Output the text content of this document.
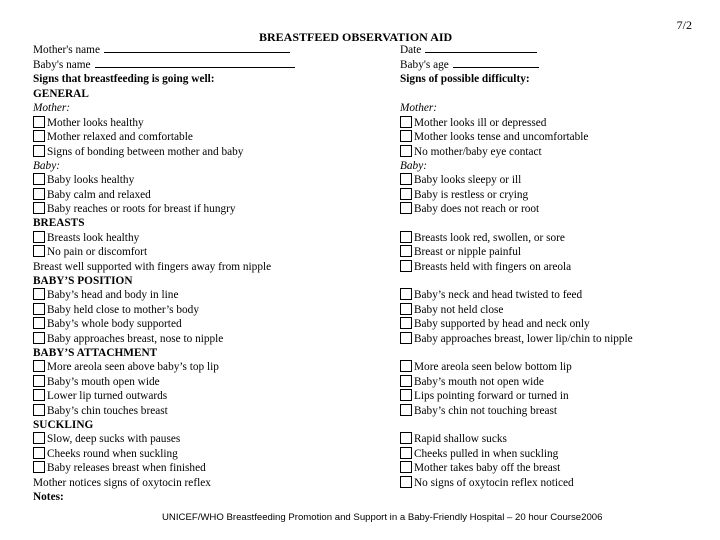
7/2
BREASTFEED OBSERVATION AID
Mother's name	Date
Baby's name	Baby's age
Signs that breastfeeding is going well:
GENERAL
Mother:
Mother looks healthy
Mother relaxed and comfortable
Signs of bonding between mother and baby
Baby:
Baby looks healthy
Baby calm and relaxed
Baby reaches or roots for breast if hungry
BREASTS
Breasts look healthy
No pain or discomfort
Breast well supported with fingers away from nipple
BABY’S POSITION
Baby’s head and body in line
Baby held close to mother’s body
Baby’s whole body supported
Baby approaches breast, nose to nipple
BABY’S ATTACHMENT
More areola seen above baby’s top lip
Baby’s mouth open wide
Lower lip turned outwards
Baby’s chin touches breast
SUCKLING
Slow, deep sucks with pauses
Cheeks round when suckling
Baby releases breast when finished
Mother notices signs of oxytocin reflex
Notes:
Signs of possible difficulty:
Mother:
Mother looks ill or depressed
Mother looks tense and uncomfortable
No mother/baby eye contact
Baby:
Baby looks sleepy or ill
Baby is restless or crying
Baby does not reach or root
Breasts look red, swollen, or sore
Breast or nipple painful
Breasts held with fingers on areola
Baby’s neck and head twisted to feed
Baby not held close
Baby supported by head and neck only
Baby approaches breast, lower lip/chin to nipple
More areola seen below bottom lip
Baby’s mouth not open wide
Lips pointing forward or turned in
Baby’s chin not touching breast
Rapid shallow sucks
Cheeks pulled in when suckling
Mother takes baby off the breast
No signs of oxytocin reflex noticed
UNICEF/WHO Breastfeeding Promotion and Support in a Baby-Friendly Hospital – 20 hour Course2006
